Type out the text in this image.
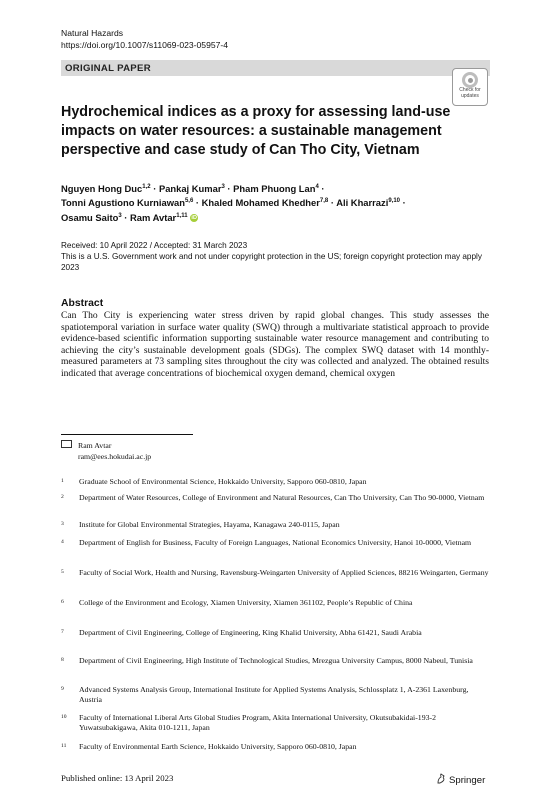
Natural Hazards
https://doi.org/10.1007/s11069-023-05957-4
ORIGINAL PAPER
Check for
updates
Hydrochemical indices as a proxy for assessing land-use impacts on water resources: a sustainable management perspective and case study of Can Tho City, Vietnam
Nguyen Hong Duc$^{1,2}$ · Pankaj Kumar$^3$ · Pham Phuong Lan$^4$ ·
Tonni Agustiono Kurniawan$^{5,6}$ · Khaled Mohamed Khedher$^{7,8}$ · Ali Kharrazi$^{9,10}$ ·
Osamu Saito$^3$ · Ram Avtar$^{1,11}$ iD
Received: 10 April 2022 / Accepted: 31 March 2023
This is a U.S. Government work and not under copyright protection in the US; foreign copyright protection may apply 2023
Abstract
Can Tho City is experiencing water stress driven by rapid global changes. This study assesses the spatiotemporal variation in surface water quality (SWQ) through a multivariate statistical approach to provide evidence-based scientific information supporting sustainable water resource management and contributing to achieving the city’s sustainable development goals (SDGs). The complex SWQ dataset with 14 monthly-measured parameters at 73 sampling sites throughout the city was collected and analyzed. The obtained results indicated that average concentrations of biochemical oxygen demand, chemical oxygen
Ram Avtar
ram@ees.hokudai.ac.jp
1 Graduate School of Environmental Science, Hokkaido University, Sapporo 060-0810, Japan
2 Department of Water Resources, College of Environment and Natural Resources, Can Tho University, Can Tho 90-0000, Vietnam
3 Institute for Global Environmental Strategies, Hayama, Kanagawa 240-0115, Japan
4 Department of English for Business, Faculty of Foreign Languages, National Economics University, Hanoi 10-0000, Vietnam
5 Faculty of Social Work, Health and Nursing, Ravensburg-Weingarten University of Applied Sciences, 88216 Weingarten, Germany
6 College of the Environment and Ecology, Xiamen University, Xiamen 361102, People’s Republic of China
7 Department of Civil Engineering, College of Engineering, King Khalid University, Abha 61421, Saudi Arabia
8 Department of Civil Engineering, High Institute of Technological Studies, Mrezgua University Campus, 8000 Nabeul, Tunisia
9 Advanced Systems Analysis Group, International Institute for Applied Systems Analysis, Schlossplatz 1, A-2361 Laxenburg, Austria
10 Faculty of International Liberal Arts Global Studies Program, Akita International University, Okutsubakidai-193-2 Yuwatsubakigawa, Akita 010-1211, Japan
11 Faculty of Environmental Earth Science, Hokkaido University, Sapporo 060-0810, Japan
Published online: 13 April 2023	Springer
